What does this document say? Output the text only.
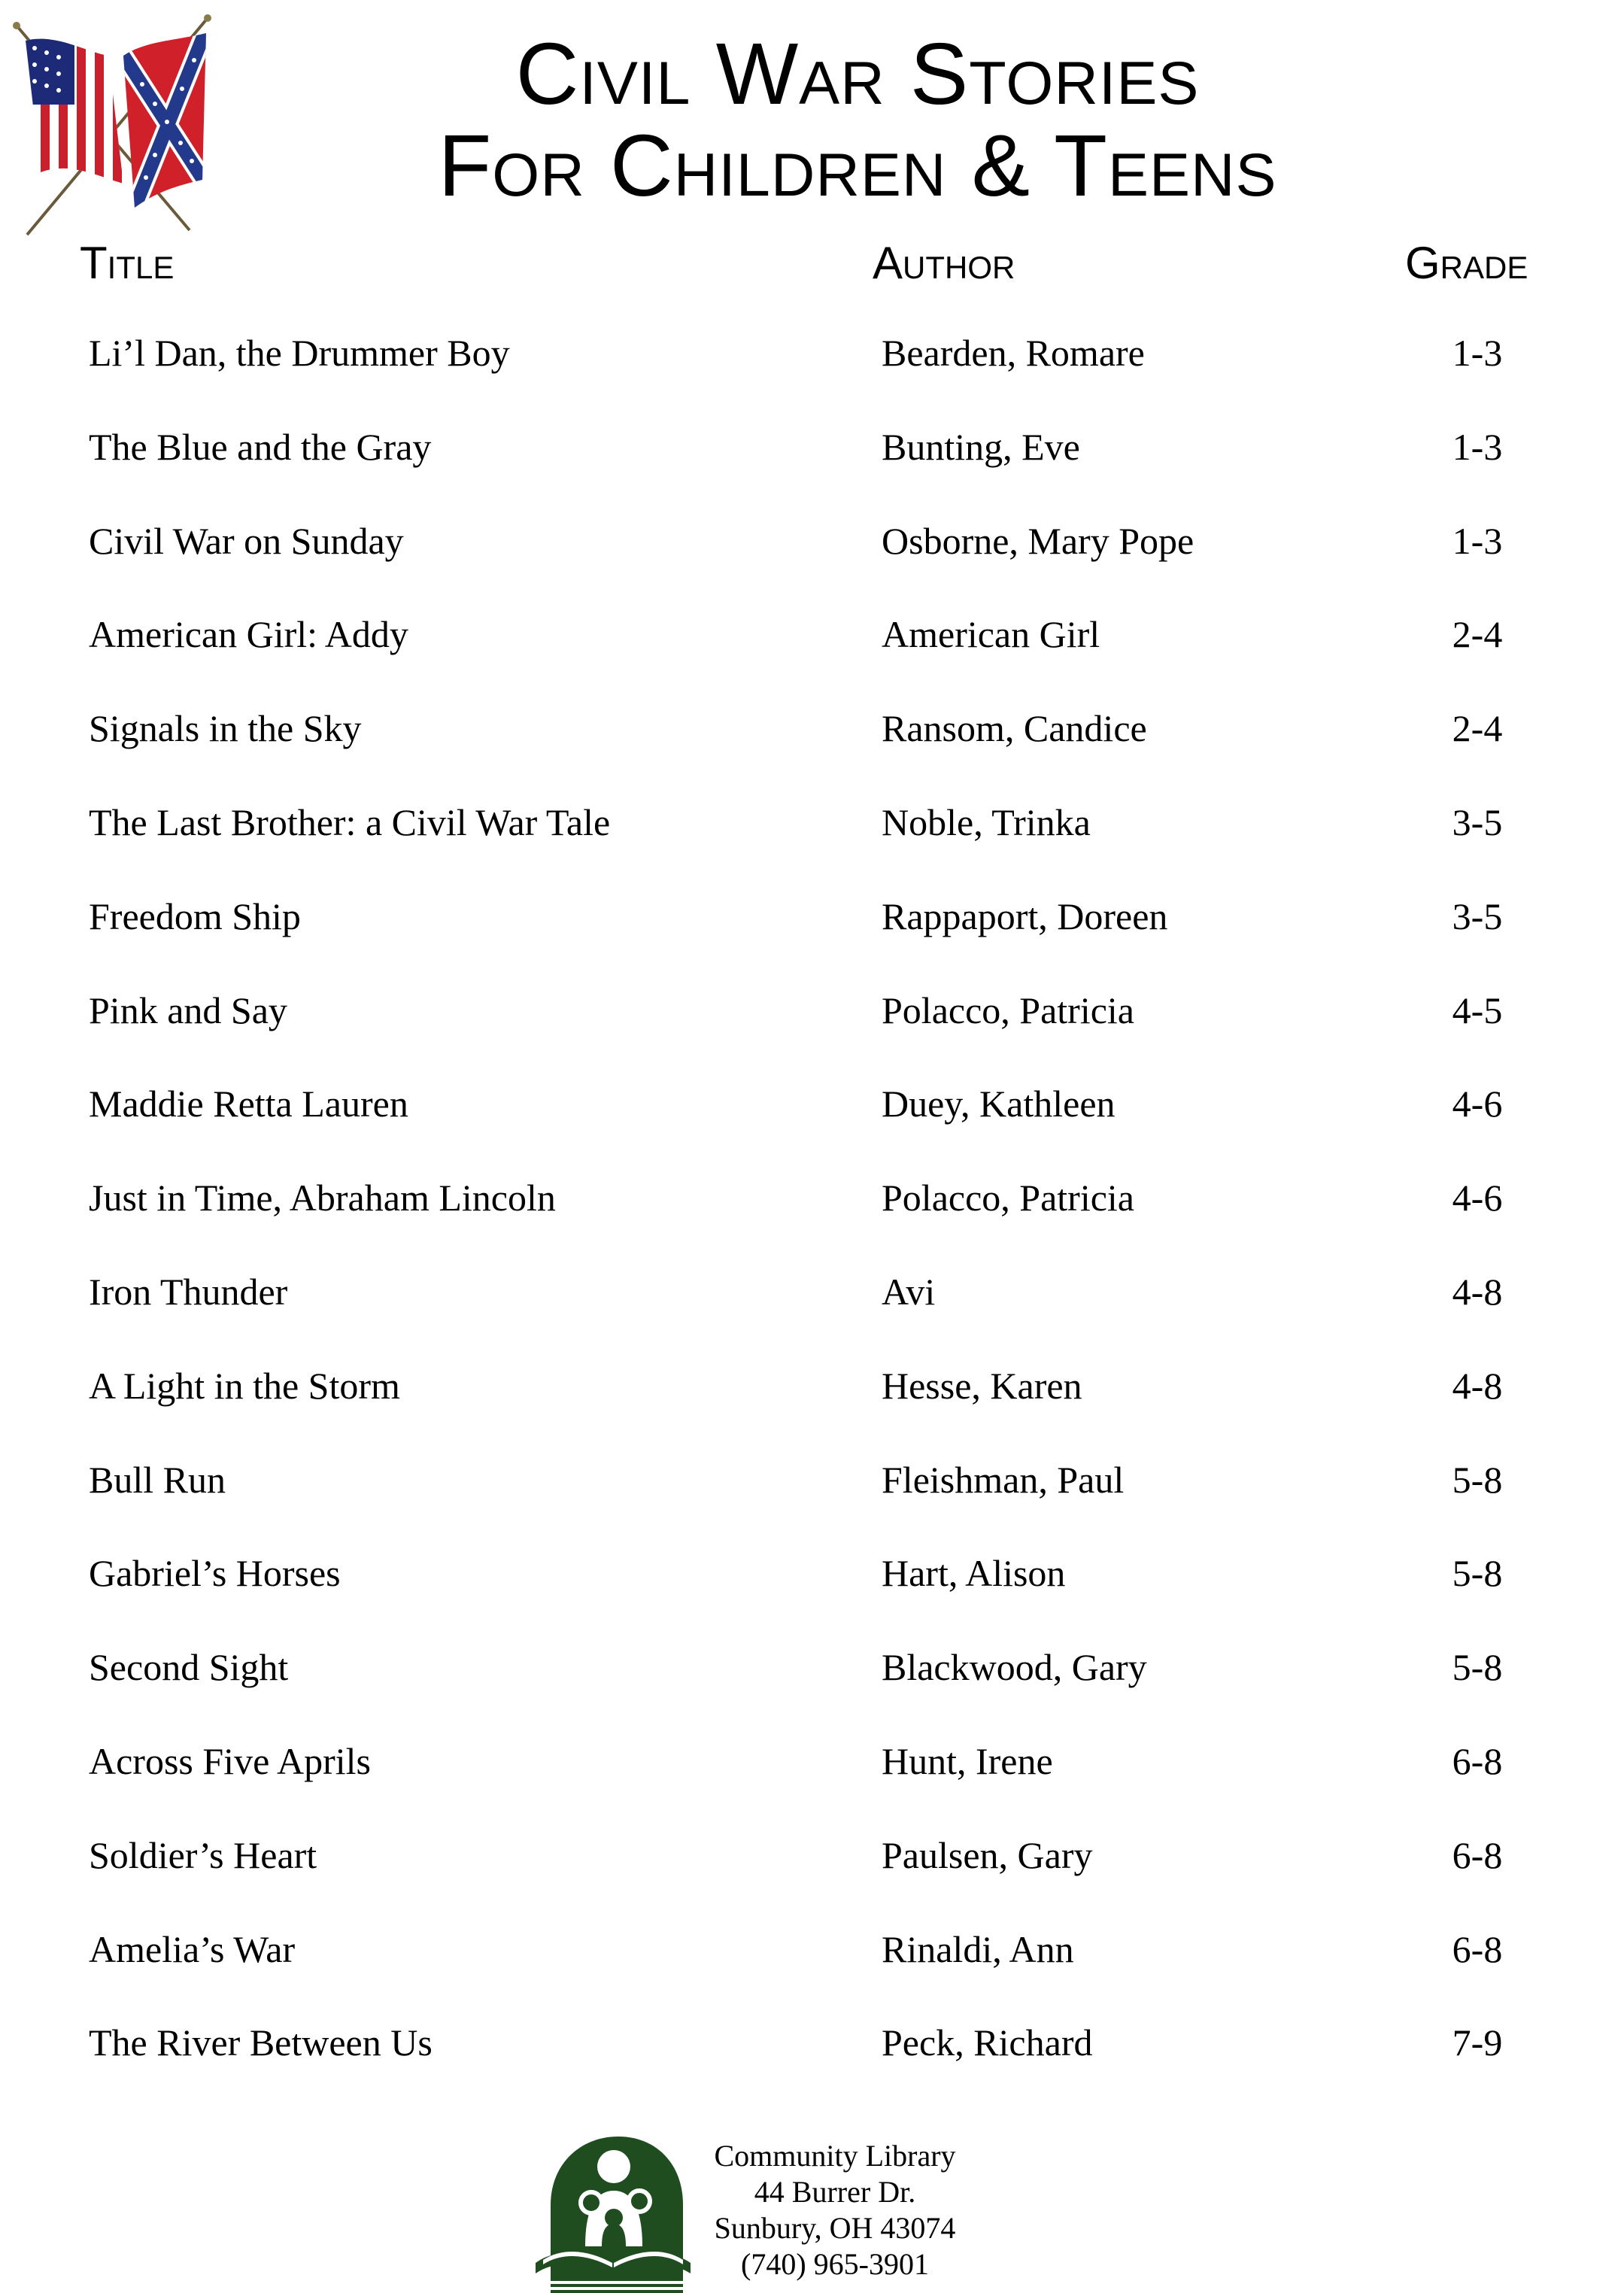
Civil War Stories
For Children & Teens
Title	Author	Grade
Li’l Dan, the Drummer Boy	Bearden, Romare	1-3
The Blue and the Gray	Bunting, Eve	1-3
Civil War on Sunday	Osborne, Mary Pope	1-3
American Girl: Addy	American Girl	2-4
Signals in the Sky	Ransom, Candice	2-4
The Last Brother: a Civil War Tale	Noble, Trinka	3-5
Freedom Ship	Rappaport, Doreen	3-5
Pink and Say	Polacco, Patricia	4-5
Maddie Retta Lauren	Duey, Kathleen	4-6
Just in Time, Abraham Lincoln	Polacco, Patricia	4-6
Iron Thunder	Avi	4-8
A Light in the Storm	Hesse, Karen	4-8
Bull Run	Fleishman, Paul	5-8
Gabriel’s Horses	Hart, Alison	5-8
Second Sight	Blackwood, Gary	5-8
Across Five Aprils	Hunt, Irene	6-8
Soldier’s Heart	Paulsen, Gary	6-8
Amelia’s War	Rinaldi, Ann	6-8
The River Between Us	Peck, Richard	7-9
Community Library
44 Burrer Dr.
Sunbury, OH 43074
(740) 965-3901
